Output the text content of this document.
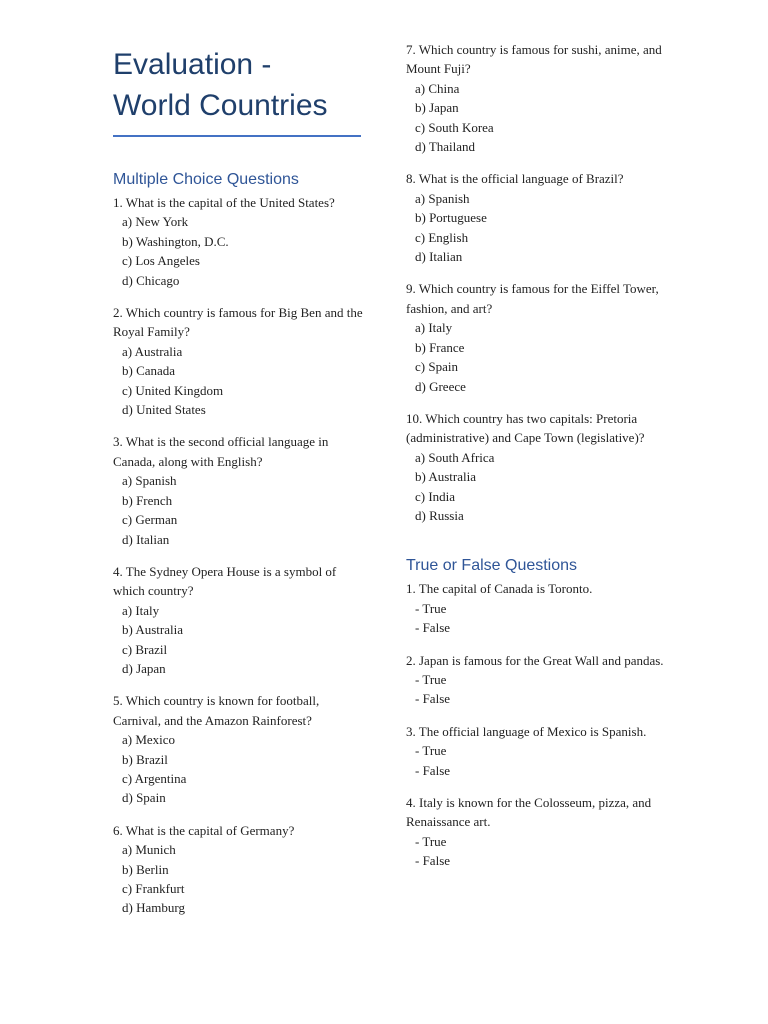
Evaluation -
World Countries
Multiple Choice Questions

1. What is the capital of the United States?

a) New York
b) Washington, D.C.
c) Los Angeles
d) Chicago

2. Which country is famous for Big Ben and the Royal Family?

a) Australia
b) Canada
c) United Kingdom
d) United States

3. What is the second official language in Canada, along with English?

a) Spanish
b) French
c) German
d) Italian

4. The Sydney Opera House is a symbol of which country?

a) Italy
b) Australia
c) Brazil
d) Japan

5. Which country is known for football, Carnival, and the Amazon Rainforest?

a) Mexico
b) Brazil
c) Argentina
d) Spain

6. What is the capital of Germany?

a) Munich
b) Berlin
c) Frankfurt
d) Hamburg

7. Which country is famous for sushi, anime, and Mount Fuji?

a) China
b) Japan
c) South Korea
d) Thailand

8. What is the official language of Brazil?

a) Spanish
b) Portuguese
c) English
d) Italian

9. Which country is famous for the Eiffel Tower, fashion, and art?

a) Italy
b) France
c) Spain
d) Greece

10. Which country has two capitals: Pretoria (administrative) and Cape Town (legislative)?

a) South Africa
b) Australia
c) India
d) Russia
True or False Questions

1. The capital of Canada is Toronto.

- True
- False

2. Japan is famous for the Great Wall and pandas.

- True
- False

3. The official language of Mexico is Spanish.

- True
- False

4. Italy is known for the Colosseum, pizza, and Renaissance art.

- True
- False
